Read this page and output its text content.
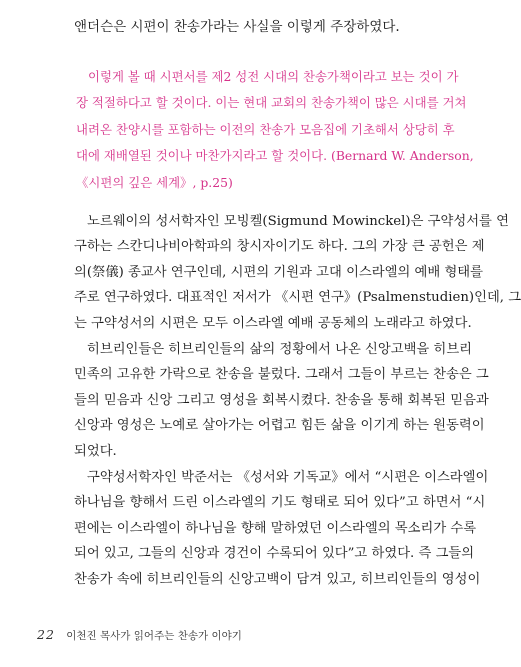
앤더슨은 시편이 찬송가라는 사실을 이렇게 주장하였다.
이렇게 볼 때 시편서를 제2 성전 시대의 찬송가책이라고 보는 것이 가
장 적절하다고 할 것이다. 이는 현대 교회의 찬송가책이 많은 시대를 거쳐
내려온 찬양시를 포함하는 이전의 찬송가 모음집에 기초해서 상당히 후
대에 재배열된 것이나 마찬가지라고 할 것이다. (Bernard W. Anderson,
《시편의 깊은 세계》, p.25)
노르웨이의 성서학자인 모빙켈(Sigmund Mowinckel)은 구약성서를 연
구하는 스칸디나비아학파의 창시자이기도 하다. 그의 가장 큰 공헌은 제
의(祭儀) 종교사 연구인데, 시편의 기원과 고대 이스라엘의 예배 형태를
주로 연구하였다. 대표적인 저서가 《시편 연구》(Psalmenstudien)인데, 그
는 구약성서의 시편은 모두 이스라엘 예배 공동체의 노래라고 하였다.
히브리인들은 히브리인들의 삶의 정황에서 나온 신앙고백을 히브리
민족의 고유한 가락으로 찬송을 불렀다. 그래서 그들이 부르는 찬송은 그
들의 믿음과 신앙 그리고 영성을 회복시켰다. 찬송을 통해 회복된 믿음과
신앙과 영성은 노예로 살아가는 어렵고 힘든 삶을 이기게 하는 원동력이
되었다.
구약성서학자인 박준서는 《성서와 기독교》에서 “시편은 이스라엘이
하나님을 향해서 드린 이스라엘의 기도 형태로 되어 있다”고 하면서 “시
편에는 이스라엘이 하나님을 향해 말하였던 이스라엘의 목소리가 수록
되어 있고, 그들의 신앙과 경건이 수록되어 있다”고 하였다. 즉 그들의
찬송가 속에 히브리인들의 신앙고백이 담겨 있고, 히브리인들의 영성이
22 이천진 목사가 읽어주는 찬송가 이야기
